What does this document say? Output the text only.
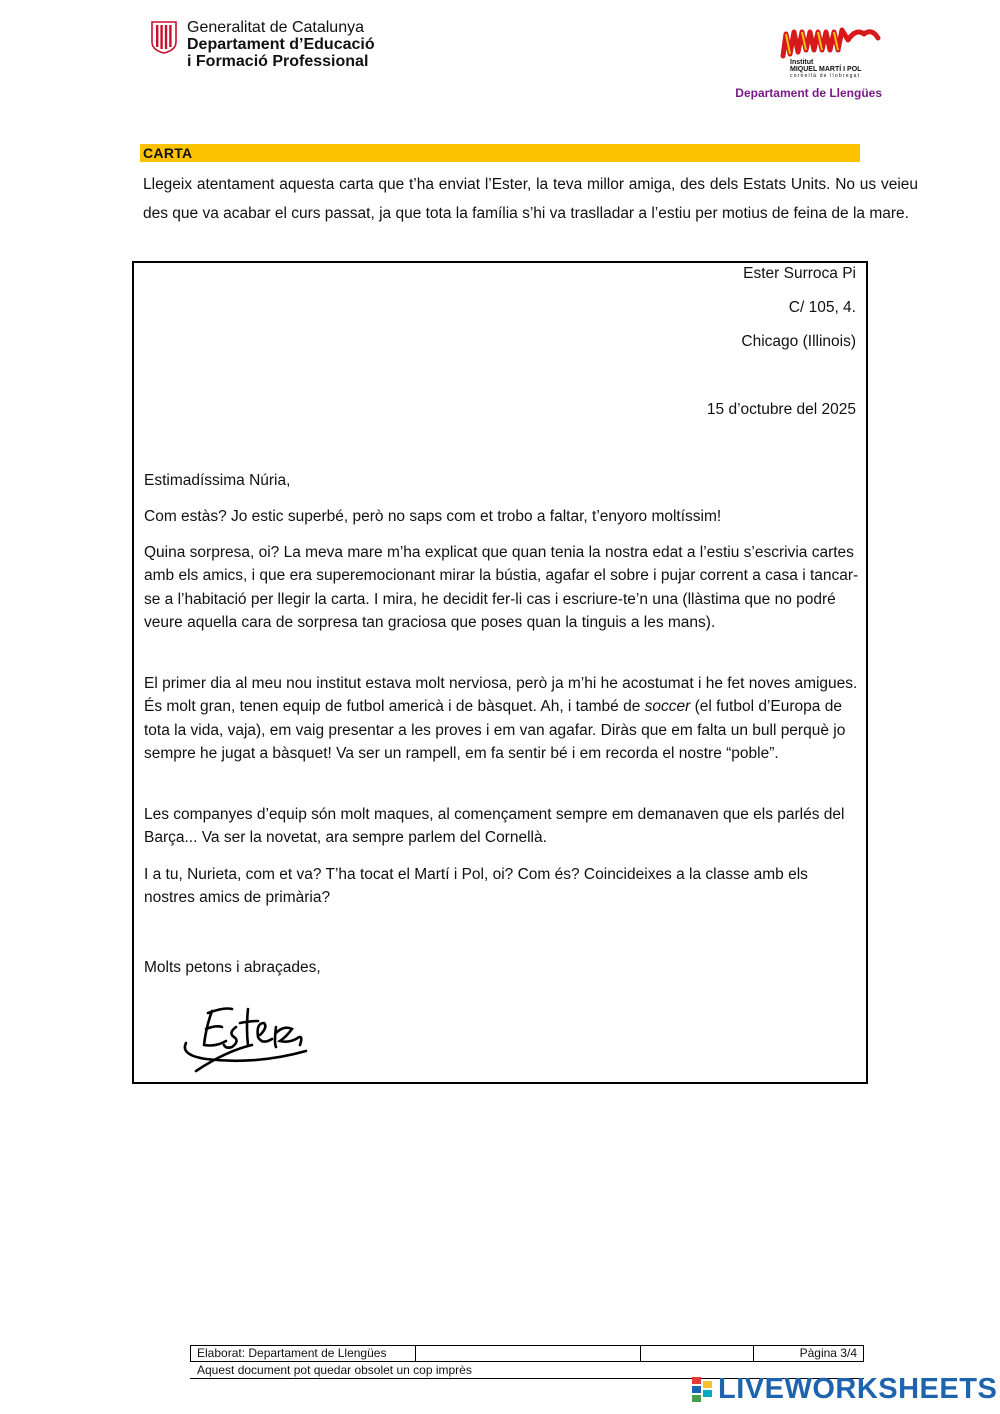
Generalitat de Catalunya
Departament d’Educació
i Formació Professional	Institut
MIQUEL MARTÍ I POL
cornellà de llobregat
Departament de Llengües
CARTA
Llegeix atentament aquesta carta que t’ha enviat l’Ester, la teva millor amiga, des dels Estats Units. No us veieu des que va acabar el curs passat, ja que tota la família s’hi va traslladar a l’estiu per motius de feina de la mare.
Ester Surroca Pi
C/ 105, 4.
Chicago (Illinois)
15 d’octubre del 2025
Estimadíssima Núria,
Com estàs? Jo estic superbé, però no saps com et trobo a faltar, t’enyoro moltíssim!
Quina sorpresa, oi? La meva mare m’ha explicat que quan tenia la nostra edat a l’estiu s’escrivia cartes amb els amics, i que era superemocionant mirar la bústia, agafar el sobre i pujar corrent a casa i tancar-se a l’habitació per llegir la carta. I mira, he decidit fer-li cas i escriure-te’n una (llàstima que no podré veure aquella cara de sorpresa tan graciosa que poses quan la tinguis a les mans).
El primer dia al meu nou institut estava molt nerviosa, però ja m’hi he acostumat i he fet noves amigues. És molt gran, tenen equip de futbol americà i de bàsquet. Ah, i també de soccer (el futbol d’Europa de tota la vida, vaja), em vaig presentar a les proves i em van agafar. Diràs que em falta un bull perquè jo sempre he jugat a bàsquet! Va ser un rampell, em fa sentir bé i em recorda el nostre “poble”.
Les companyes d’equip són molt maques, al començament sempre em demanaven que els parlés del Barça... Va ser la novetat, ara sempre parlem del Cornellà.
I a tu, Nurieta, com et va? T’ha tocat el Martí i Pol, oi? Com és? Coincideixes a la classe amb els nostres amics de primària?
Molts petons i abraçades,
Elaborat: Departament de Llengües			Pàgina 3/4
Aquest document pot quedar obsolet un cop imprès
LIVEWORKSHEETS
